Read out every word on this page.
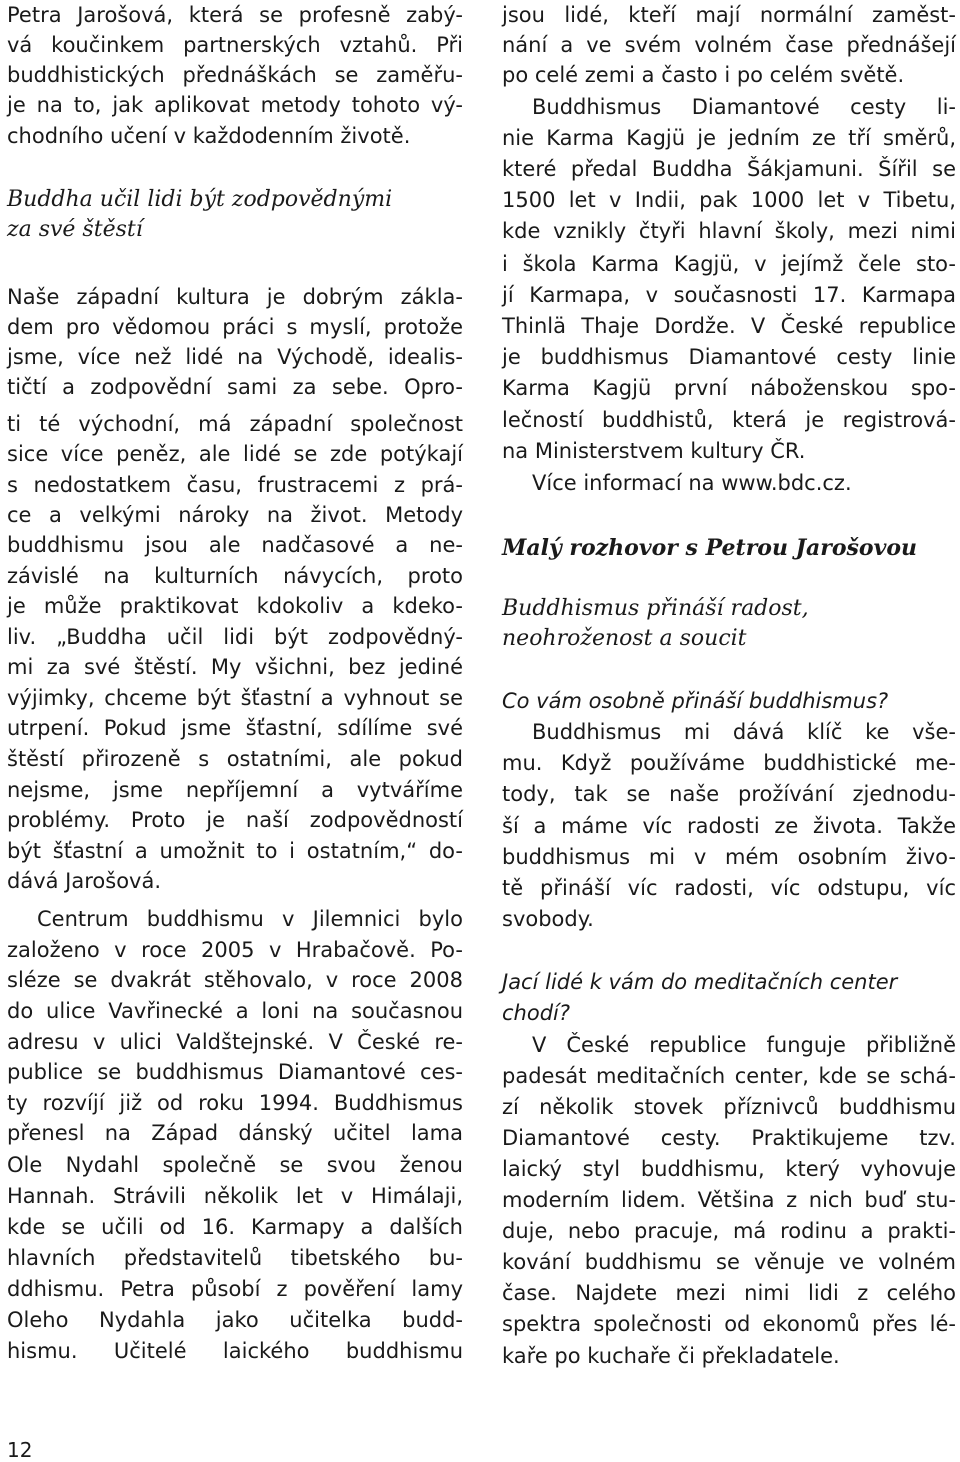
Petra Jarošová, která se profesně zabý-
vá koučinkem partnerských vztahů. Při
buddhistických přednáškách se zaměřu-
je na to, jak aplikovat metody tohoto vý-
chodního učení v každodenním životě.
Buddha učil lidi být zodpovědnými
za své štěstí
Naše západní kultura je dobrým zákla-
dem pro vědomou práci s myslí, protože
jsme, více než lidé na Východě, idealis-
tičtí a zodpovědní sami za sebe. Opro-
ti té východní, má západní společnost
sice více peněz, ale lidé se zde potýkají
s nedostatkem času, frustracemi z prá-
ce a velkými nároky na život. Metody
buddhismu jsou ale nadčasové a ne-
závislé na kulturních návycích, proto
je může praktikovat kdokoliv a kdeko-
liv. „Buddha učil lidi být zodpovědný-
mi za své štěstí. My všichni, bez jediné
výjimky, chceme být šťastní a vyhnout se
utrpení. Pokud jsme šťastní, sdílíme své
štěstí přirozeně s ostatními, ale pokud
nejsme, jsme nepříjemní a vytváříme
problémy. Proto je naší zodpovědností
být šťastní a umožnit to i ostatním,“ do-
dává Jarošová.
Centrum buddhismu v Jilemnici bylo
založeno v roce 2005 v Hrabačově. Po-
sléze se dvakrát stěhovalo, v roce 2008
do ulice Vavřinecké a loni na současnou
adresu v ulici Valdštejnské. V České re-
publice se buddhismus Diamantové ces-
ty rozvíjí již od roku 1994. Buddhismus
přenesl na Západ dánský učitel lama
Ole Nydahl společně se svou ženou
Hannah. Strávili několik let v Himálaji,
kde se učili od 16. Karmapy a dalších
hlavních představitelů tibetského bu-
ddhismu. Petra působí z pověření lamy
Oleho Nydahla jako učitelka budd-
hismu. Učitelé laického buddhismu
jsou lidé, kteří mají normální zaměst-
nání a ve svém volném čase přednášejí
po celé zemi a často i po celém světě.
Buddhismus Diamantové cesty li-
nie Karma Kagjü je jedním ze tří směrů,
které předal Buddha Šákjamuni. Šířil se
1500 let v Indii, pak 1000 let v Tibetu,
kde vznikly čtyři hlavní školy, mezi nimi
i škola Karma Kagjü, v jejímž čele sto-
jí Karmapa, v současnosti 17. Karmapa
Thinlä Thaje Dordže. V České republice
je buddhismus Diamantové cesty linie
Karma Kagjü první náboženskou spo-
lečností buddhistů, která je registrová-
na Ministerstvem kultury ČR.
Více informací na www.bdc.cz.
Malý rozhovor s Petrou Jarošovou
Buddhismus přináší radost,
neohroženost a soucit
Co vám osobně přináší buddhismus?
Buddhismus mi dává klíč ke vše-
mu. Když používáme buddhistické me-
tody, tak se naše prožívání zjednodu-
ší a máme víc radosti ze života. Takže
buddhismus mi v mém osobním živo-
tě přináší víc radosti, víc odstupu, víc
svobody.
Jací lidé k vám do meditačních center
chodí?
V České republice funguje přibližně
padesát meditačních center, kde se schá-
zí několik stovek příznivců buddhismu
Diamantové cesty. Praktikujeme tzv.
laický styl buddhismu, který vyhovuje
moderním lidem. Většina z nich buď stu-
duje, nebo pracuje, má rodinu a prakti-
kování buddhismu se věnuje ve volném
čase. Najdete mezi nimi lidi z celého
spektra společnosti od ekonomů přes lé-
kaře po kuchaře či překladatele.
12
